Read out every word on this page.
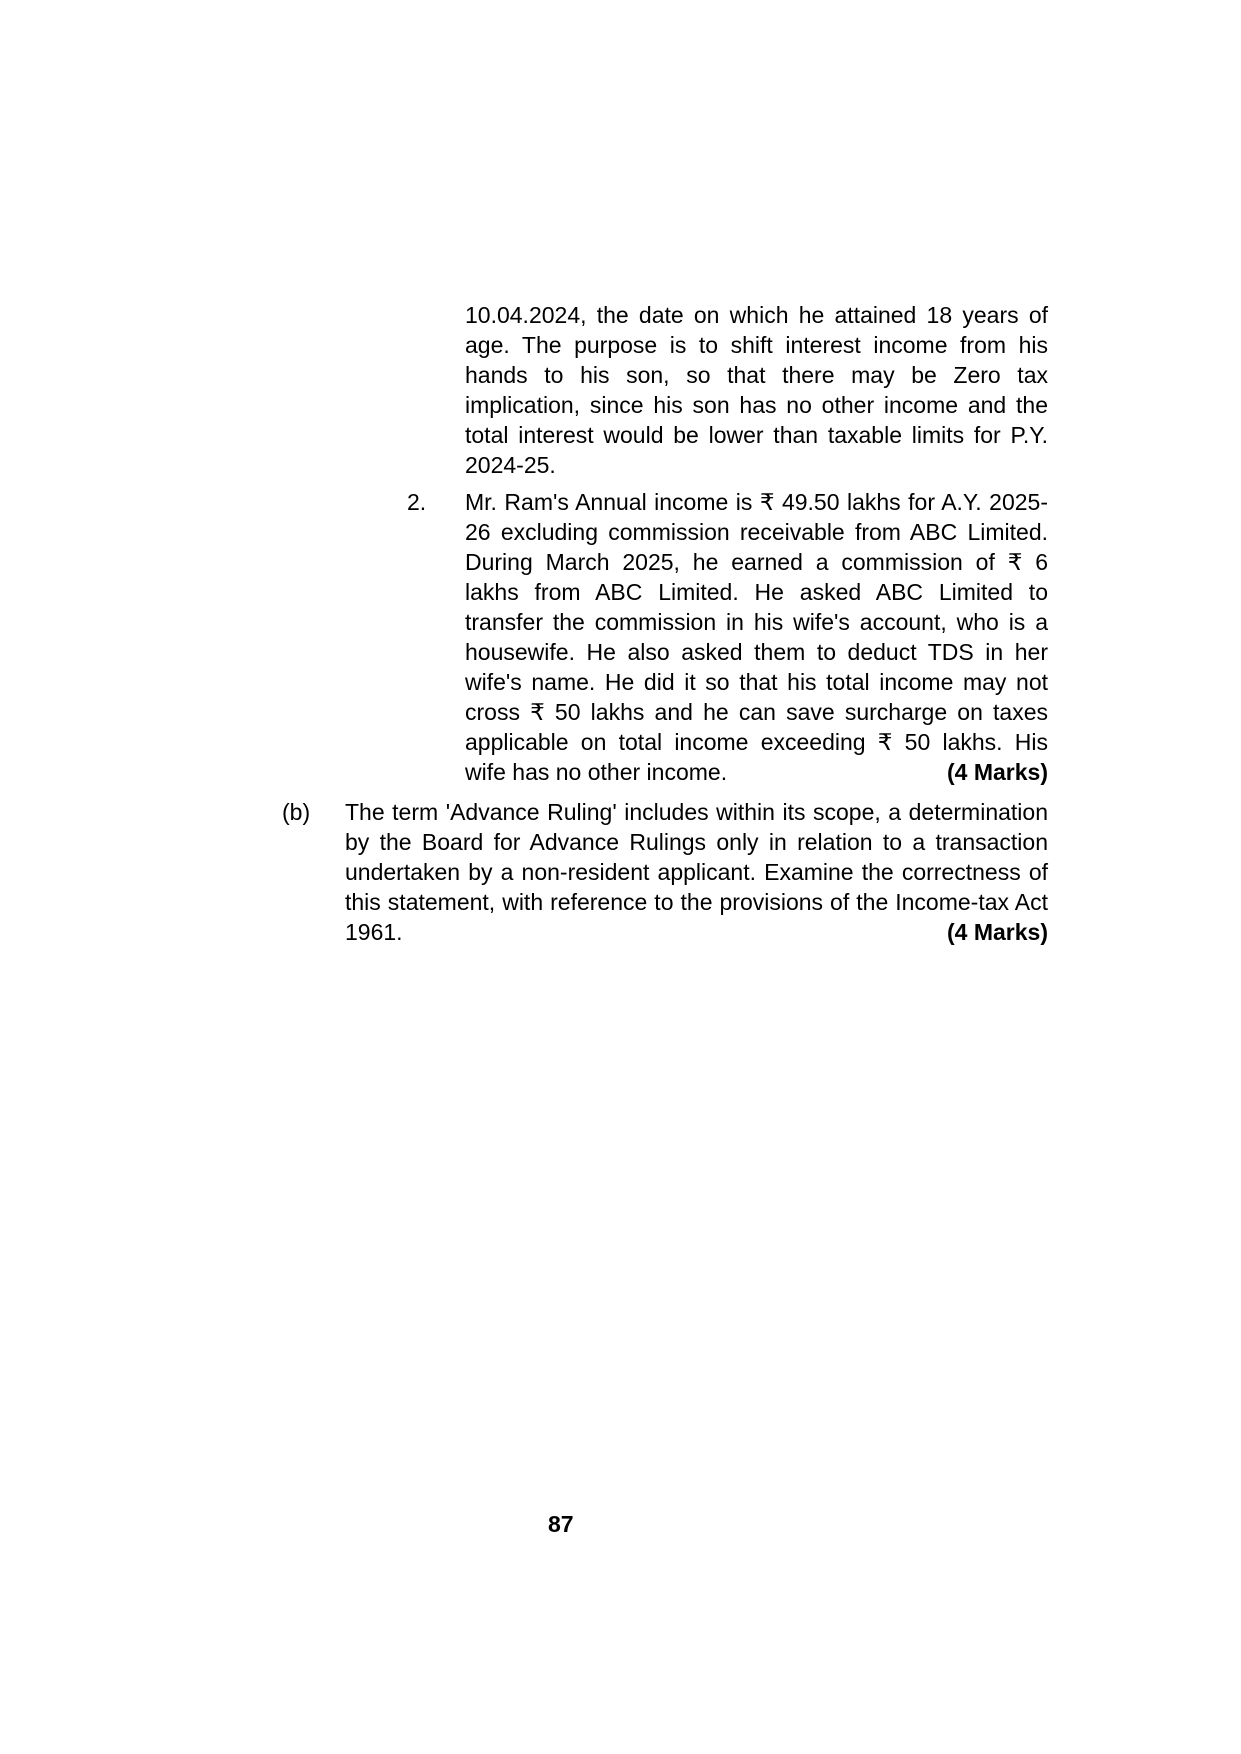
10.04.2024, the date on which he attained 18 years of age. The purpose is to shift interest income from his hands to his son, so that there may be Zero tax implication, since his son has no other income and the total interest would be lower than taxable limits for P.Y. 2024-25.

2.	Mr. Ram's Annual income is ₹ 49.50 lakhs for A.Y. 2025-26 excluding commission receivable from ABC Limited. During March 2025, he earned a commission of ₹ 6 lakhs from ABC Limited. He asked ABC Limited to transfer the commission in his wife's account, who is a housewife. He also asked them to deduct TDS in her wife's name. He did it so that his total income may not cross ₹ 50 lakhs and he can save surcharge on taxes applicable on total income exceeding ₹ 50 lakhs. His wife has no other income.	(4 Marks)
(b)	The term 'Advance Ruling' includes within its scope, a determination by the Board for Advance Rulings only in relation to a transaction undertaken by a non-resident applicant. Examine the correctness of this statement, with reference to the provisions of the Income-tax Act 1961.	(4 Marks)
87
